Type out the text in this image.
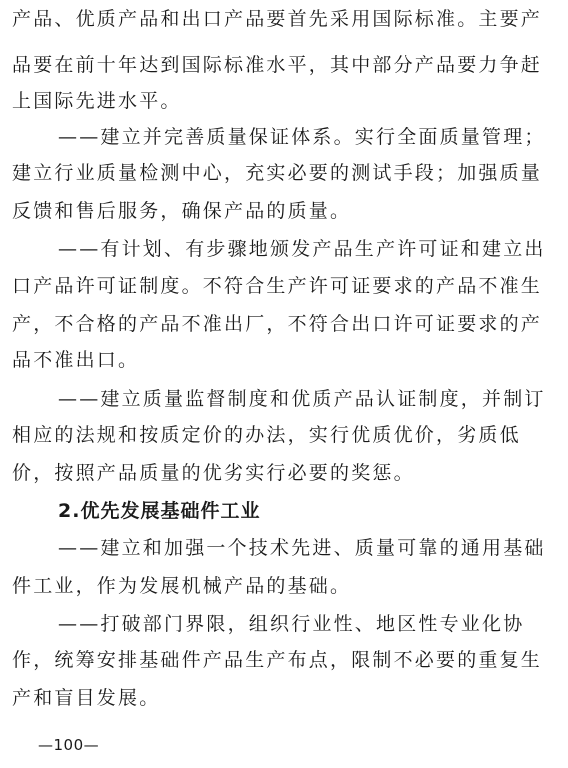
产品、优质产品和出口产品要首先采用国际标准。主要产
品要在前十年达到国际标准水平，其中部分产品要力争赶
上国际先进水平。
——建立并完善质量保证体系。实行全面质量管理；
建立行业质量检测中心，充实必要的测试手段；加强质量
反馈和售后服务，确保产品的质量。
——有计划、有步骤地颁发产品生产许可证和建立出
口产品许可证制度。不符合生产许可证要求的产品不准生
产，不合格的产品不准出厂，不符合出口许可证要求的产
品不准出口。
——建立质量监督制度和优质产品认证制度，并制订
相应的法规和按质定价的办法，实行优质优价，劣质低
价，按照产品质量的优劣实行必要的奖惩。
2.优先发展基础件工业
——建立和加强一个技术先进、质量可靠的通用基础
件工业，作为发展机械产品的基础。
——打破部门界限，组织行业性、地区性专业化协
作，统筹安排基础件产品生产布点，限制不必要的重复生
产和盲目发展。
—100—
